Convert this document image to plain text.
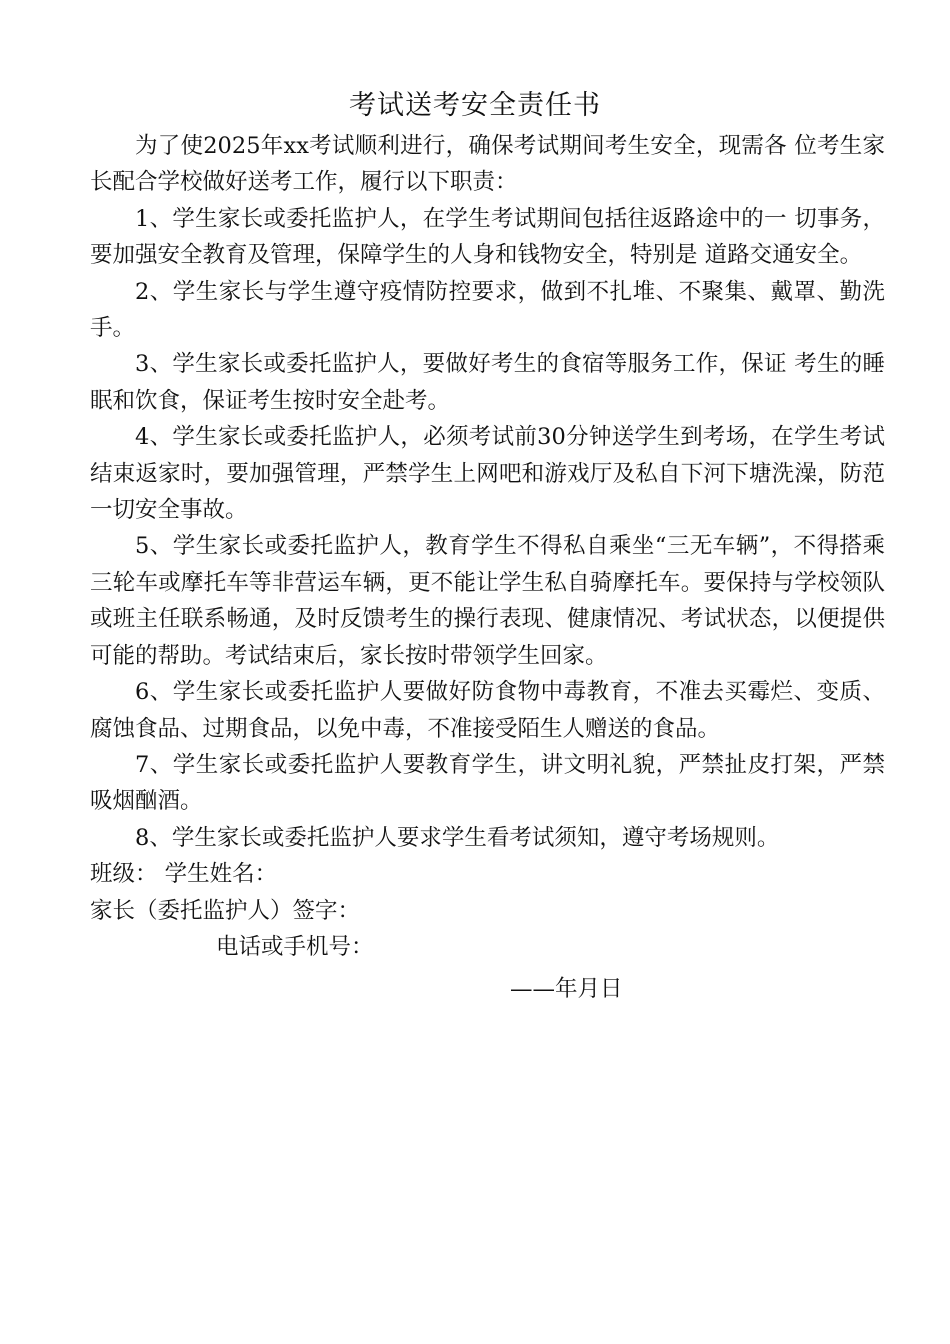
考试送考安全责任书

为了使2025年xx考试顺利进行，确保考试期间考生安全，现需各 位考生家长配合学校做好送考工作，履行以下职责：

1、学生家长或委托监护人，在学生考试期间包括往返路途中的一 切事务，要加强安全教育及管理，保障学生的人身和钱物安全，特别是 道路交通安全。

2、学生家长与学生遵守疫情防控要求，做到不扎堆、不聚集、戴罩、勤洗手。

3、学生家长或委托监护人，要做好考生的食宿等服务工作，保证 考生的睡眠和饮食，保证考生按时安全赴考。

4、学生家长或委托监护人，必须考试前30分钟送学生到考场，在学生考试结束返家时，要加强管理，严禁学生上网吧和游戏厅及私自下河下塘洗澡，防范一切安全事故。

5、学生家长或委托监护人，教育学生不得私自乘坐“三无车辆”，不得搭乘三轮车或摩托车等非营运车辆，更不能让学生私自骑摩托车。要保持与学校领队或班主任联系畅通，及时反馈考生的操行表现、健康情况、考试状态，以便提供可能的帮助。考试结束后，家长按时带领学生回家。

6、学生家长或委托监护人要做好防食物中毒教育，不准去买霉烂、变质、腐蚀食品、过期食品，以免中毒，不准接受陌生人赠送的食品。

7、学生家长或委托监护人要教育学生，讲文明礼貌，严禁扯皮打架，严禁吸烟酗酒。

8、学生家长或委托监护人要求学生看考试须知，遵守考场规则。

班级： 学生姓名：

家长（委托监护人）签字：

电话或手机号：

——年月日
